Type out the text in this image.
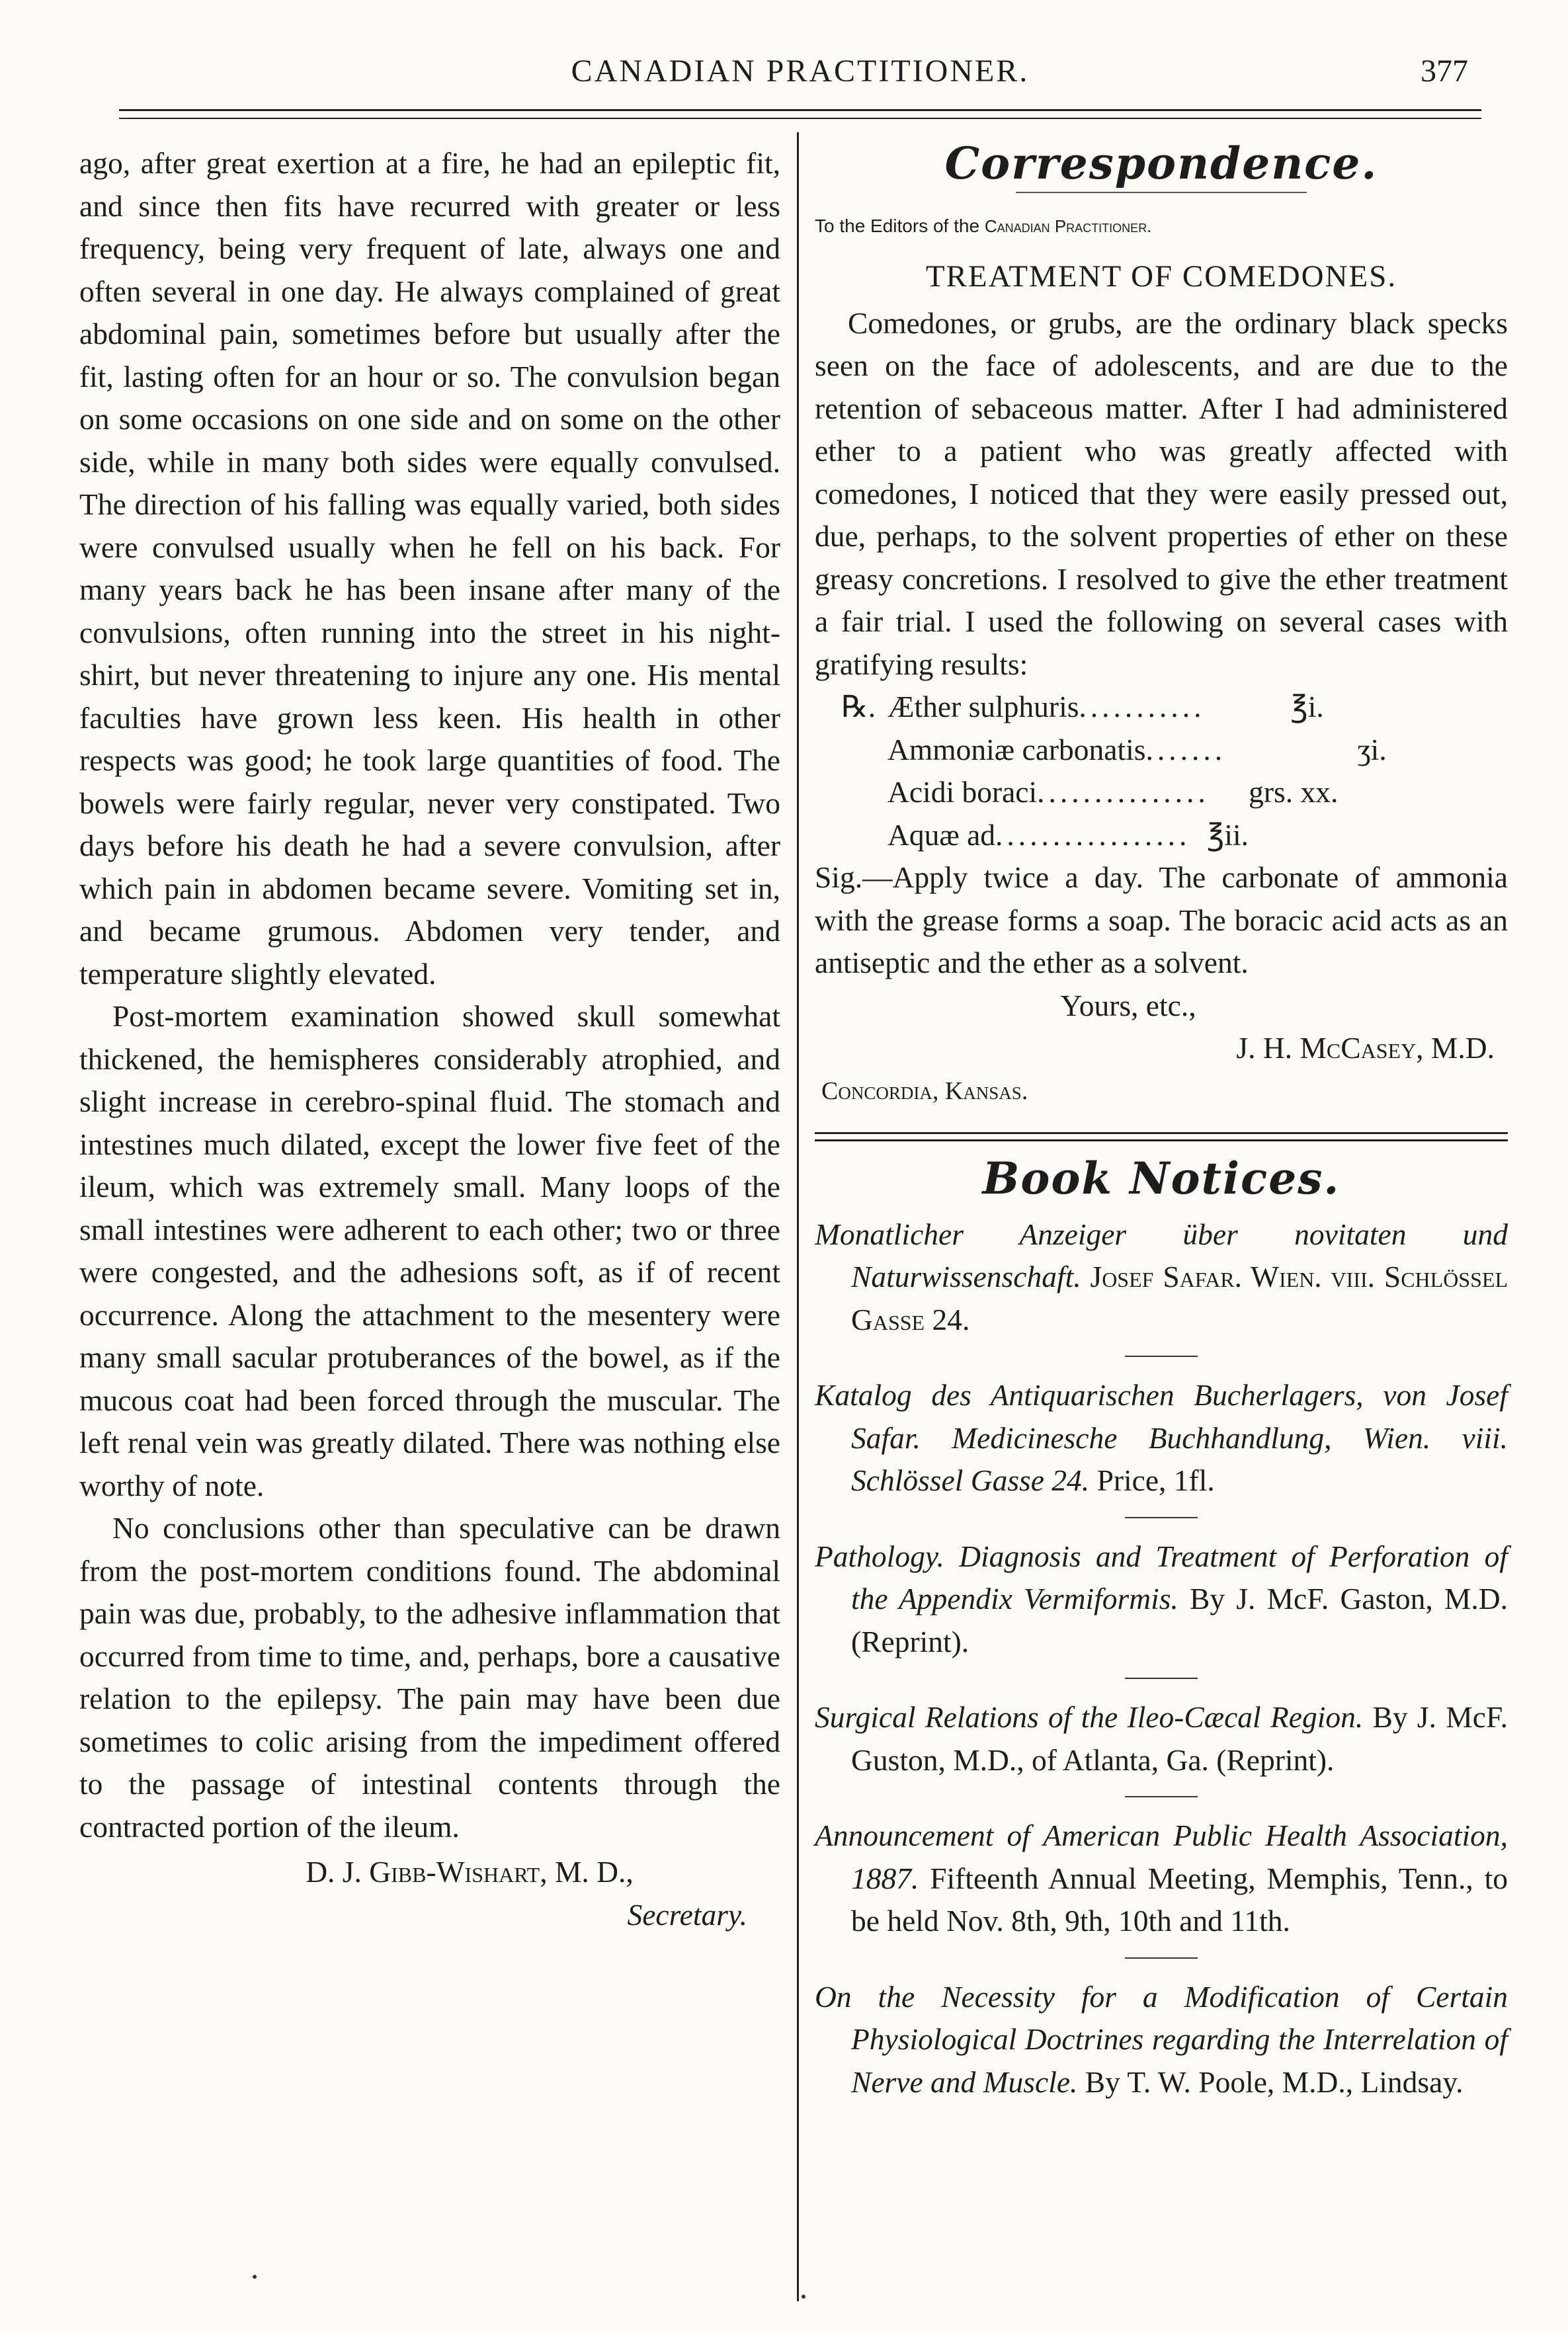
CANADIAN PRACTITIONER.	377

ago, after great exertion at a fire, he had an epileptic fit, and since then fits have recurred with greater or less frequency, being very frequent of late, always one and often several in one day. He always complained of great abdominal pain, sometimes before but usually after the fit, lasting often for an hour or so. The convulsion began on some occasions on one side and on some on the other side, while in many both sides were equally convulsed. The direction of his falling was equally varied, both sides were convulsed usually when he fell on his back. For many years back he has been insane after many of the convulsions, often running into the street in his night-shirt, but never threatening to injure any one. His mental faculties have grown less keen. His health in other respects was good; he took large quantities of food. The bowels were fairly regular, never very constipated. Two days before his death he had a severe convulsion, after which pain in abdomen became severe. Vomiting set in, and became grumous. Abdomen very tender, and temperature slightly elevated.

Post-mortem examination showed skull somewhat thickened, the hemispheres considerably atrophied, and slight increase in cerebro-spinal fluid. The stomach and intestines much dilated, except the lower five feet of the ileum, which was extremely small. Many loops of the small intestines were adherent to each other; two or three were congested, and the adhesions soft, as if of recent occurrence. Along the attachment to the mesentery were many small sacular protuberances of the bowel, as if the mucous coat had been forced through the muscular. The left renal vein was greatly dilated. There was nothing else worthy of note.

No conclusions other than speculative can be drawn from the post-mortem conditions found. The abdominal pain was due, probably, to the adhesive inflammation that occurred from time to time, and, perhaps, bore a causative relation to the epilepsy. The pain may have been due sometimes to colic arising from the impediment offered to the passage of intestinal contents through the contracted portion of the ileum.

D. J. Gibb-Wishart, M. D.,

Secretary.

Correspondence.

To the Editors of the Canadian Practitioner.

TREATMENT OF COMEDONES.

Comedones, or grubs, are the ordinary black specks seen on the face of adolescents, and are due to the retention of sebaceous matter. After I had administered ether to a patient who was greatly affected with comedones, I noticed that they were easily pressed out, due, perhaps, to the solvent properties of ether on these greasy concretions. I resolved to give the ether treatment a fair trial. I used the following on several cases with gratifying results:

℞. Æther sulphuris ...........	℥i.
Ammoniæ carbonatis .......	ʒi.
Acidi boraci ...............	grs. xx.
Aquæ ad ................. ℥ii.

Sig.—Apply twice a day. The carbonate of ammonia with the grease forms a soap. The boracic acid acts as an antiseptic and the ether as a solvent.

Yours, etc.,

J. H. McCasey, M.D.

Concordia, Kansas.

Book Notices.

Monatlicher Anzeiger über novitaten und Naturwissenschaft. Josef Safar. Wien. viii. Schlössel Gasse 24.

Katalog des Antiquarischen Bucherlagers, von Josef Safar. Medicinesche Buchhandlung, Wien. viii. Schlössel Gasse 24. Price, 1fl.

Pathology. Diagnosis and Treatment of Perforation of the Appendix Vermiformis. By J. McF. Gaston, M.D. (Reprint).

Surgical Relations of the Ileo-Cæcal Region. By J. McF. Guston, M.D., of Atlanta, Ga. (Reprint).

Announcement of American Public Health Association, 1887. Fifteenth Annual Meeting, Memphis, Tenn., to be held Nov. 8th, 9th, 10th and 11th.

On the Necessity for a Modification of Certain Physiological Doctrines regarding the Interrelation of Nerve and Muscle. By T. W. Poole, M.D., Lindsay.
